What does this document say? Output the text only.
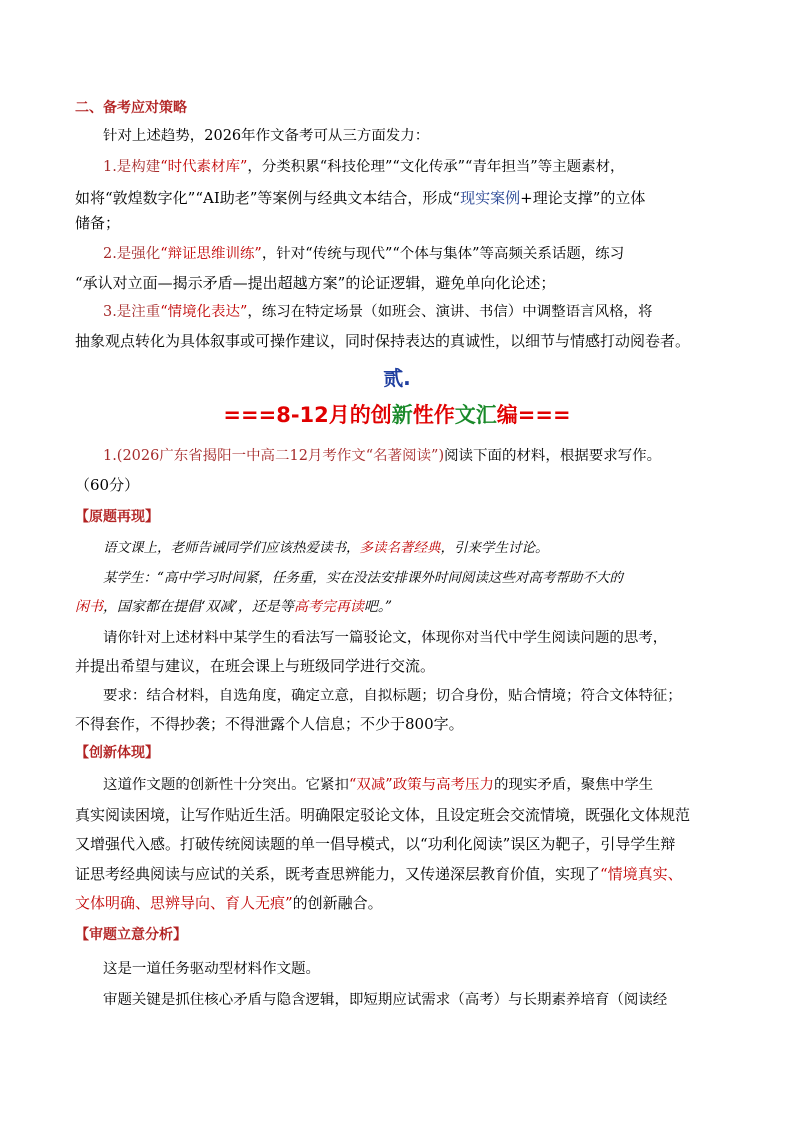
二、备考应对策略
针对上述趋势，2026年作文备考可从三方面发力：
1.是构建“时代素材库”，分类积累“科技伦理”“文化传承”“青年担当”等主题素材，
如将“敦煌数字化”“AI助老”等案例与经典文本结合，形成“现实案例+理论支撑”的立体
储备；
2.是强化“辩证思维训练”，针对“传统与现代”“个体与集体”等高频关系话题，练习
“承认对立面—揭示矛盾—提出超越方案”的论证逻辑，避免单向化论述；
3.是注重“情境化表达”，练习在特定场景（如班会、演讲、书信）中调整语言风格，将
抽象观点转化为具体叙事或可操作建议，同时保持表达的真诚性，以细节与情感打动阅卷者。
贰.
===8-12月的创新性作文汇编===
1.(2026广东省揭阳一中高二12月考作文“名著阅读”)阅读下面的材料，根据要求写作。
（60分）
【原题再现】
语文课上，老师告诫同学们应该热爱读书，多读名著经典，引来学生讨论。
某学生：“高中学习时间紧，任务重，实在没法安排课外时间阅读这些对高考帮助不大的
闲书，国家都在提倡‘双减’，还是等高考完再读吧。”
请你针对上述材料中某学生的看法写一篇驳论文，体现你对当代中学生阅读问题的思考，
并提出希望与建议，在班会课上与班级同学进行交流。
要求：结合材料，自选角度，确定立意，自拟标题；切合身份，贴合情境；符合文体特征；
不得套作，不得抄袭；不得泄露个人信息；不少于800字。
【创新体现】
这道作文题的创新性十分突出。它紧扣“双减”政策与高考压力的现实矛盾，聚焦中学生
真实阅读困境，让写作贴近生活。明确限定驳论文体，且设定班会交流情境，既强化文体规范
又增强代入感。打破传统阅读题的单一倡导模式，以“功利化阅读”误区为靶子，引导学生辩
证思考经典阅读与应试的关系，既考查思辨能力，又传递深层教育价值，实现了“情境真实、
文体明确、思辨导向、育人无痕”的创新融合。
【审题立意分析】
这是一道任务驱动型材料作文题。
审题关键是抓住核心矛盾与隐含逻辑，即短期应试需求（高考）与长期素养培育（阅读经
